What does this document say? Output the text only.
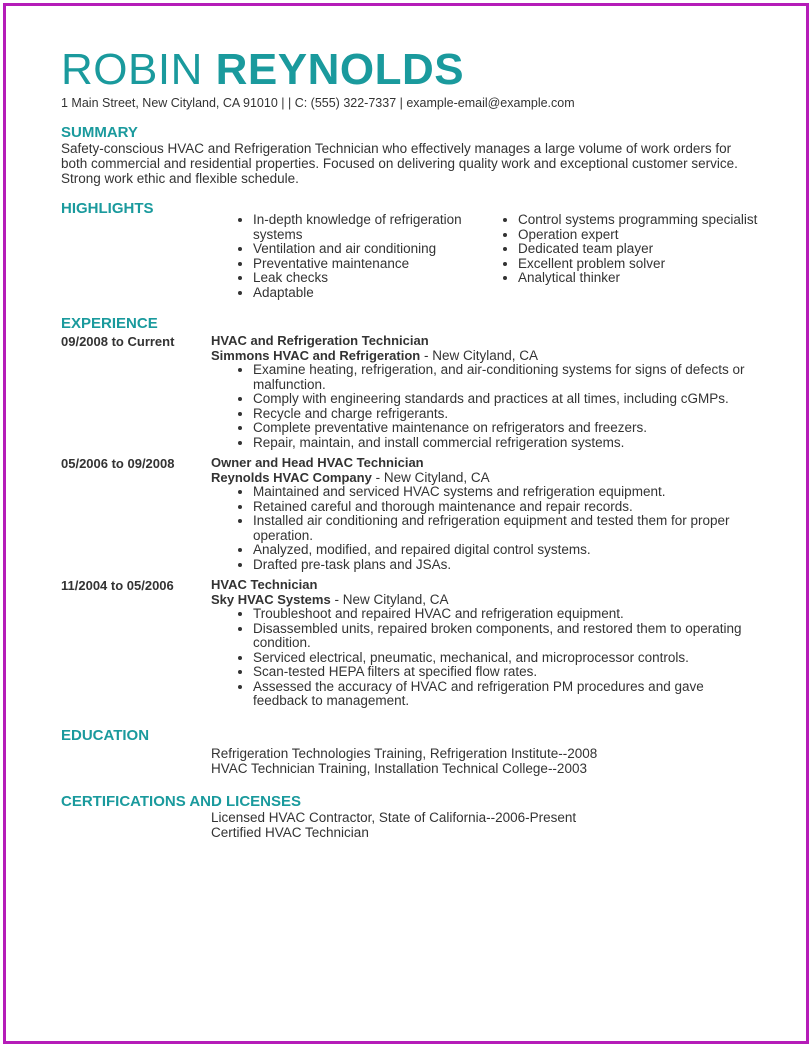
ROBIN REYNOLDS
1 Main Street, New Cityland, CA 91010 | | C: (555) 322-7337 | example-email@example.com
SUMMARY
Safety-conscious HVAC and Refrigeration Technician who effectively manages a large volume of work orders for both commercial and residential properties. Focused on delivering quality work and exceptional customer service. Strong work ethic and flexible schedule.
HIGHLIGHTS
• In-depth knowledge of refrigeration systems
• Ventilation and air conditioning
• Preventative maintenance
• Leak checks
• Adaptable
• Control systems programming specialist
• Operation expert
• Dedicated team player
• Excellent problem solver
• Analytical thinker
EXPERIENCE
09/2008 to Current	HVAC and Refrigeration Technician
Simmons HVAC and Refrigeration - New Cityland, CA
• Examine heating, refrigeration, and air-conditioning systems for signs of defects or malfunction.
• Comply with engineering standards and practices at all times, including cGMPs.
• Recycle and charge refrigerants.
• Complete preventative maintenance on refrigerators and freezers.
• Repair, maintain, and install commercial refrigeration systems.
05/2006 to 09/2008	Owner and Head HVAC Technician
Reynolds HVAC Company - New Cityland, CA
• Maintained and serviced HVAC systems and refrigeration equipment.
• Retained careful and thorough maintenance and repair records.
• Installed air conditioning and refrigeration equipment and tested them for proper operation.
• Analyzed, modified, and repaired digital control systems.
• Drafted pre-task plans and JSAs.
11/2004 to 05/2006	HVAC Technician
Sky HVAC Systems - New Cityland, CA
• Troubleshoot and repaired HVAC and refrigeration equipment.
• Disassembled units, repaired broken components, and restored them to operating condition.
• Serviced electrical, pneumatic, mechanical, and microprocessor controls.
• Scan-tested HEPA filters at specified flow rates.
• Assessed the accuracy of HVAC and refrigeration PM procedures and gave feedback to management.
EDUCATION
Refrigeration Technologies Training, Refrigeration Institute--2008
HVAC Technician Training, Installation Technical College--2003
CERTIFICATIONS AND LICENSES
Licensed HVAC Contractor, State of California--2006-Present
Certified HVAC Technician
